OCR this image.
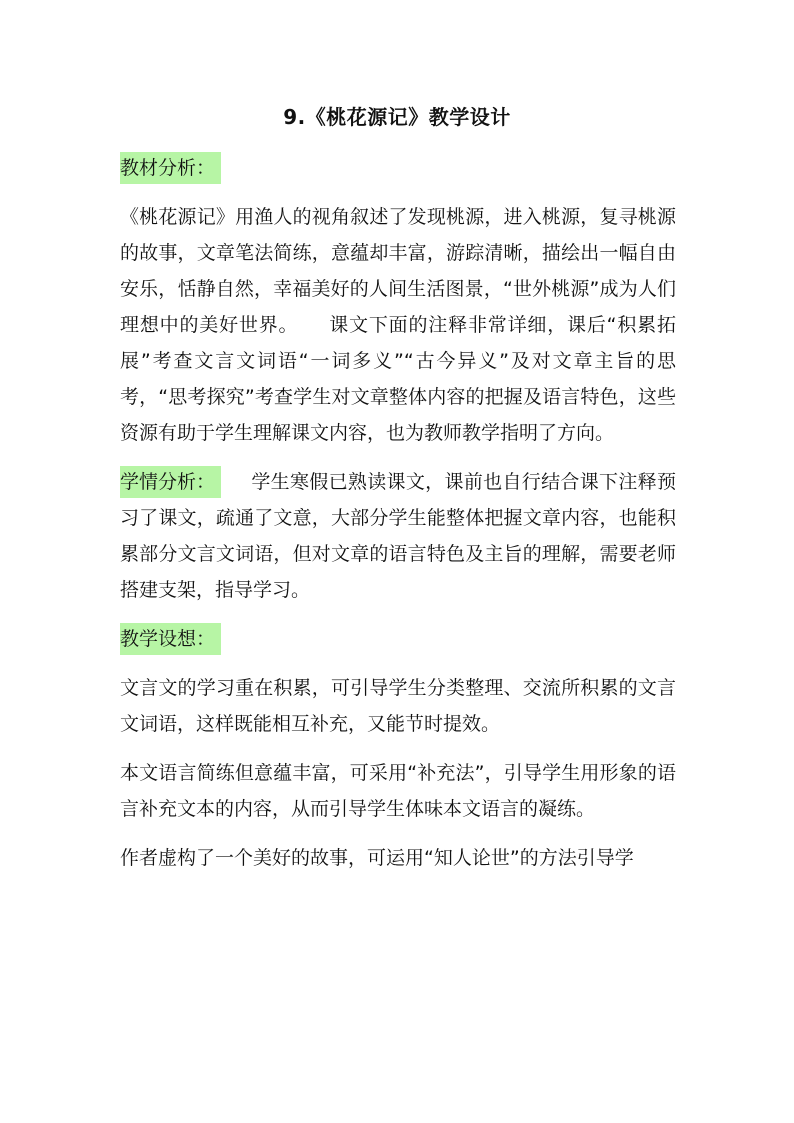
9.《桃花源记》教学设计

教材分析：

《桃花源记》用渔人的视角叙述了发现桃源，进入桃源，复寻桃源的故事，文章笔法简练，意蕴却丰富，游踪清晰，描绘出一幅自由安乐，恬静自然，幸福美好的人间生活图景，“世外桃源”成为人们理想中的美好世界。 课文下面的注释非常详细，课后“积累拓展”考查文言文词语“一词多义”“古今异义”及对文章主旨的思考，“思考探究”考查学生对文章整体内容的把握及语言特色，这些资源有助于学生理解课文内容，也为教师教学指明了方向。

学情分析： 学生寒假已熟读课文，课前也自行结合课下注释预习了课文，疏通了文意，大部分学生能整体把握文章内容，也能积累部分文言文词语，但对文章的语言特色及主旨的理解，需要老师搭建支架，指导学习。

教学设想：

文言文的学习重在积累，可引导学生分类整理、交流所积累的文言文词语，这样既能相互补充，又能节时提效。

本文语言简练但意蕴丰富，可采用“补充法”，引导学生用形象的语言补充文本的内容，从而引导学生体味本文语言的凝练。

作者虚构了一个美好的故事，可运用“知人论世”的方法引导学
